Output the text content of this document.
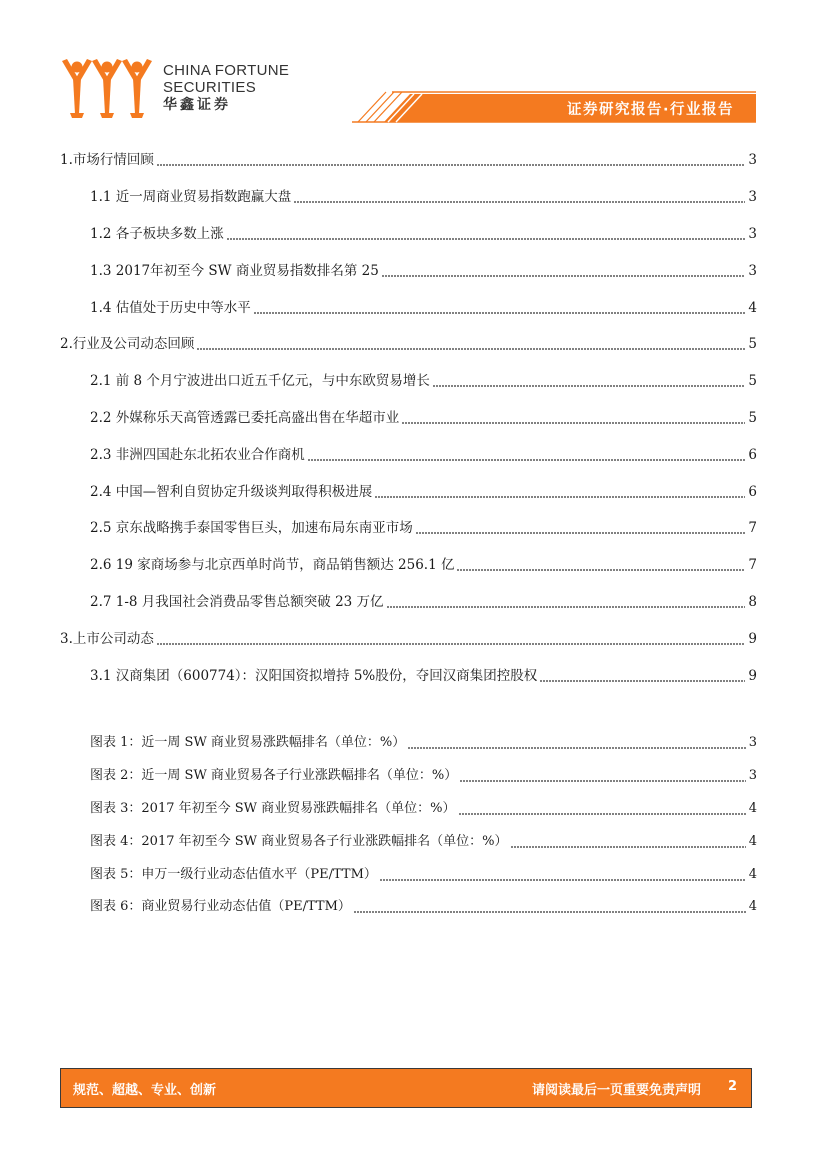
CHINA FORTUNE
SECURITIES
华鑫证券	证券研究报告·行业报告
1.市场行情回顾	3
1.1 近一周商业贸易指数跑赢大盘	3
1.2 各子板块多数上涨	3
1.3 2017年初至今 SW 商业贸易指数排名第 25	3
1.4 估值处于历史中等水平	4
2.行业及公司动态回顾	5
2.1 前 8 个月宁波进出口近五千亿元，与中东欧贸易增长	5
2.2 外媒称乐天高管透露已委托高盛出售在华超市业	5
2.3 非洲四国赴东北拓农业合作商机	6
2.4 中国—智利自贸协定升级谈判取得积极进展	6
2.5 京东战略携手泰国零售巨头，加速布局东南亚市场	7
2.6 19 家商场参与北京西单时尚节，商品销售额达 256.1 亿	7
2.7 1-8 月我国社会消费品零售总额突破 23 万亿	8
3.上市公司动态	9
3.1 汉商集团（600774）：汉阳国资拟增持 5%股份，夺回汉商集团控股权	9
图表 1：近一周 SW 商业贸易涨跌幅排名（单位：%）	3
图表 2：近一周 SW 商业贸易各子行业涨跌幅排名（单位：%）	3
图表 3：2017 年初至今 SW 商业贸易涨跌幅排名（单位：%）	4
图表 4：2017 年初至今 SW 商业贸易各子行业涨跌幅排名（单位：%）	4
图表 5：申万一级行业动态估值水平（PE/TTM）	4
图表 6：商业贸易行业动态估值（PE/TTM）	4
规范、超越、专业、创新	请阅读最后一页重要免责声明 2
